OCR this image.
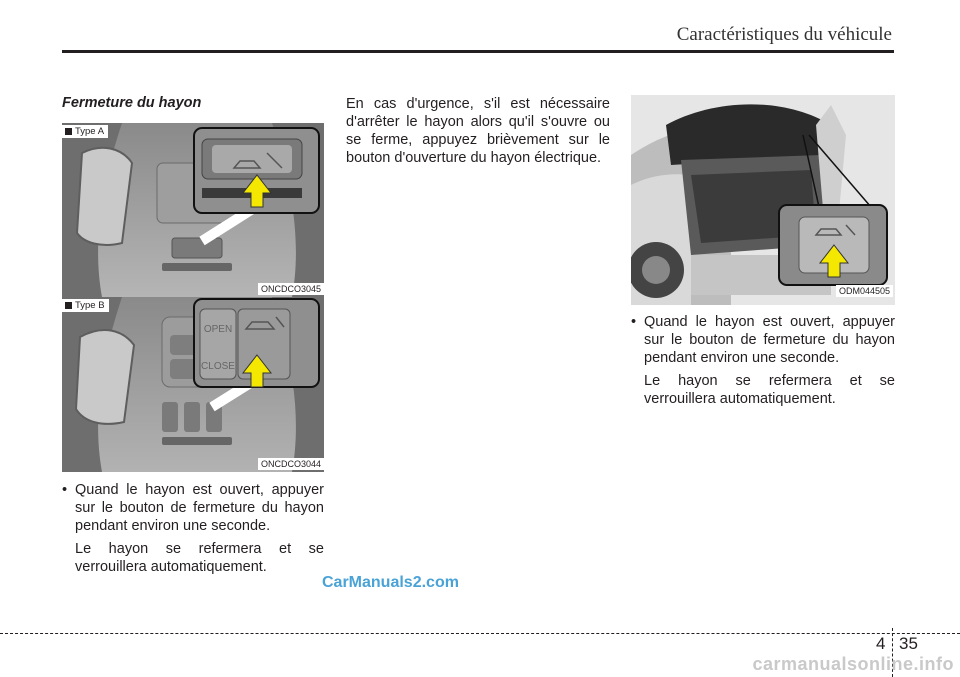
Caractéristiques du véhicule
Fermeture du hayon
Type A
ONCDCO3045
OPEN
CLOSE
Type B
ONCDCO3044
• Quand le hayon est ouvert, appuyer sur le bouton de fermeture du hayon pendant environ une seconde.
Le hayon se refermera et se verrouillera automatiquement.
En cas d'urgence, s'il est nécessaire d'arrêter le hayon alors qu'il s'ouvre ou se ferme, appuyez brièvement sur le bouton d'ouverture du hayon électrique.
ODM044505
• Quand le hayon est ouvert, appuyer sur le bouton de fermeture du hayon pendant environ une seconde.
Le hayon se refermera et se verrouillera automatiquement.
CarManuals2.com
4 35
carmanualsonline.info
